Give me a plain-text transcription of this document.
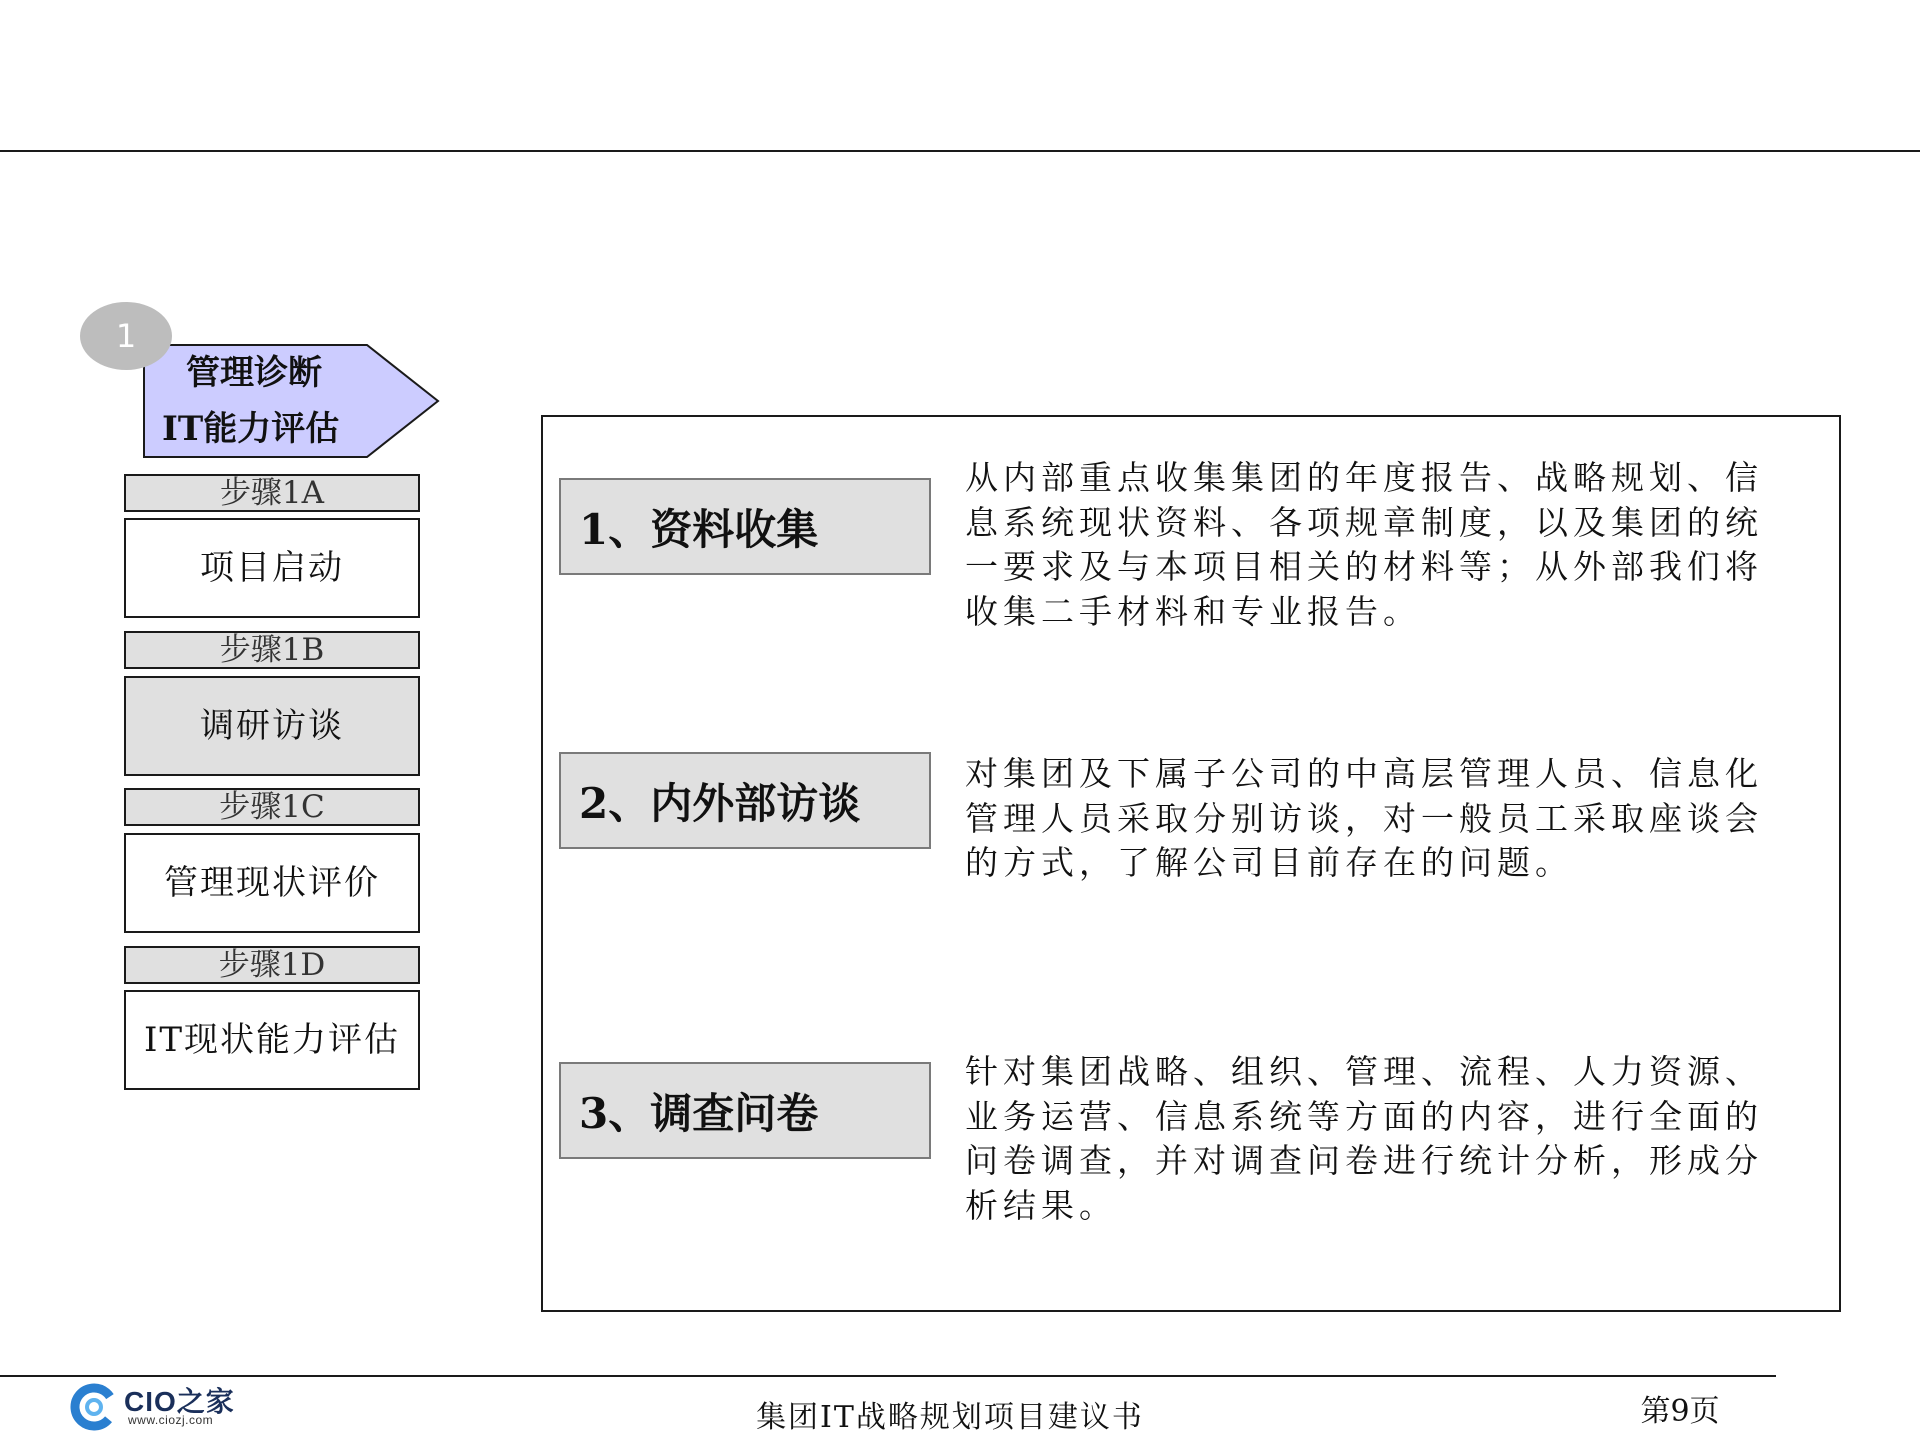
1
管理诊断
IT能力评估
步骤1A
项目启动
步骤1B
调研访谈
步骤1C
管理现状评价
步骤1D
IT现状能力评估
1、资料收集
从内部重点收集集团的年度报告、战略规划、信息系统现状资料、各项规章制度，以及集团的统一要求及与本项目相关的材料等；从外部我们将收集二手材料和专业报告。
2、内外部访谈
对集团及下属子公司的中高层管理人员、信息化管理人员采取分别访谈，对一般员工采取座谈会的方式，了解公司目前存在的问题。
3、调查问卷
针对集团战略、组织、管理、流程、人力资源、业务运营、信息系统等方面的内容，进行全面的问卷调查，并对调查问卷进行统计分析，形成分析结果。
CIO之家
www.ciozj.com	集团IT战略规划项目建议书	第9页
